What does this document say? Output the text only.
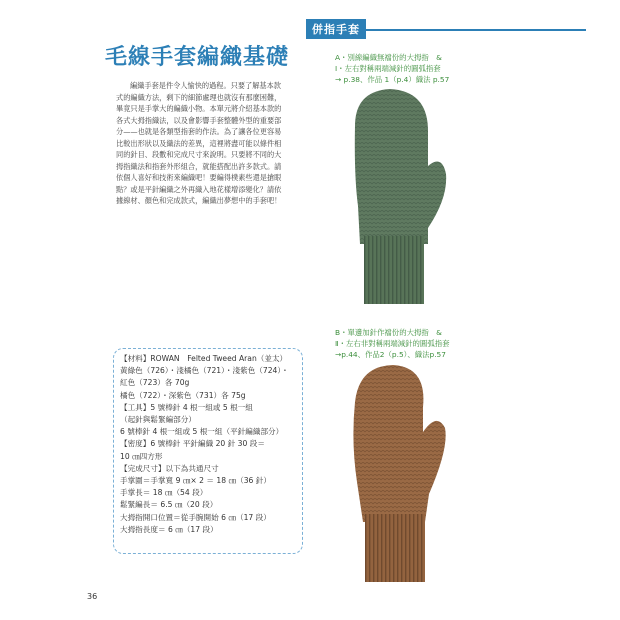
毛線手套編織基礎

編織手套是件令人愉快的過程。只要了解基本款式的編織方法，剩下的細節處理也就沒有那麼困難，畢竟只是手掌大的編織小物。本單元將介紹基本款的各式大拇指織法，以及會影響手套整體外型的重要部分——也就是各類型指套的作法。為了讓各位更容易比較出形狀以及織法的差異，這裡將盡可能以條件相同的針目、段數和完成尺寸來說明。只要將不同的大拇指織法和指套外形組合，就能搭配出許多款式。請依個人喜好和技術來編織吧！要編得樸素些還是搶眼點？或是平針編織之外再織入地花樣增添變化？請依據線材、顏色和完成款式，編織出夢想中的手套吧！

併指手套
A・別線編織無襠份的大拇指　&
Ⅰ・左右對稱兩端減針的圓弧指套
→ p.38、作品 1（p.4）織法 p.57
B・單邊加針作襠份的大拇指　&
Ⅱ・左右非對稱兩端減針的圓弧指套
→p.44、作品2（p.5）、織法p.57
【材料】ROWAN　Felted Tweed Aran（並太）
黃綠色（726）・淺橘色（721）・淺紫色（724）・
紅色（723）各 70g
橘色（722）・深紫色（731）各 75g
【工具】5 號棒針 4 根一組或 5 根一組
（起針與鬆緊編部分）
6 號棒針 4 根一組或 5 根一組（平針編織部分）
【密度】6 號棒針 平針編織 20 針 30 段＝
10 ㎝四方形
【完成尺寸】以下為共通尺寸
手掌圍＝手掌寬 9 ㎝× 2 ＝ 18 ㎝（36 針）
手掌長＝ 18 ㎝（54 段）
鬆緊編長＝ 6.5 ㎝（20 段）
大拇指開口位置＝從手腕開始 6 ㎝（17 段）
大拇指長度＝ 6 ㎝（17 段）
36
